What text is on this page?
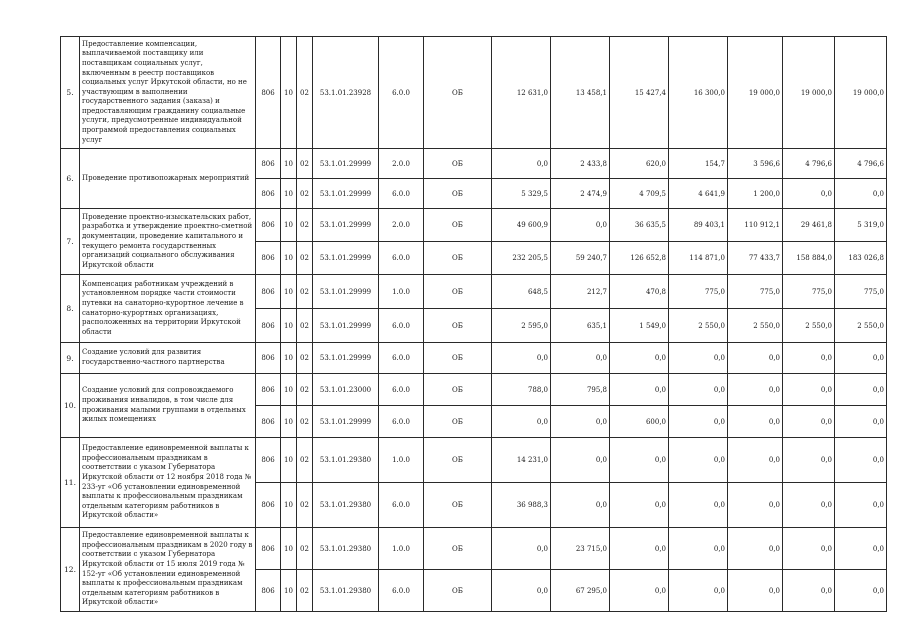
5.	Предоставление компенсации, выплачиваемой поставщику или поставщикам социальных услуг, включенным в реестр поставщиков социальных услуг Иркутской области, но не участвующим в выполнении государственного задания (заказа) и предоставляющим гражданину социальные услуги, предусмотренные индивидуальной программой предоставления социальных услуг	806	10	02	53.1.01.23928	6.0.0	ОБ	12 631,0	13 458,1	15 427,4	16 300,0	19 000,0	19 000,0	19 000,0
6.	Проведение противопожарных мероприятий	806	10	02	53.1.01.29999	2.0.0	ОБ	0,0	2 433,8	620,0	154,7	3 596,6	4 796,6	4 796,6
		806	10	02	53.1.01.29999	6.0.0	ОБ	5 329,5	2 474,9	4 709,5	4 641,9	1 200,0	0,0	0,0
7.	Проведение проектно-изыскательских работ, разработка и утверждение проектно-сметной документации, проведение капитального и текущего ремонта государственных организаций социального обслуживания Иркутской области	806	10	02	53.1.01.29999	2.0.0	ОБ	49 600,9	0,0	36 635,5	89 403,1	110 912,1	29 461,8	5 319,0
		806	10	02	53.1.01.29999	6.0.0	ОБ	232 205,5	59 240,7	126 652,8	114 871,0	77 433,7	158 884,0	183 026,8
8.	Компенсация работникам учреждений в установленном порядке части стоимости путевки на санаторно-курортное лечение в санаторно-курортных организациях, расположенных на территории Иркутской области	806	10	02	53.1.01.29999	1.0.0	ОБ	648,5	212,7	470,8	775,0	775,0	775,0	775,0
		806	10	02	53.1.01.29999	6.0.0	ОБ	2 595,0	635,1	1 549,0	2 550,0	2 550,0	2 550,0	2 550,0
9.	Создание условий для развития государственно-частного партнерства	806	10	02	53.1.01.29999	6.0.0	ОБ	0,0	0,0	0,0	0,0	0,0	0,0	0,0
10.	Создание условий для сопровождаемого проживания инвалидов, в том числе для проживания малыми группами в отдельных жилых помещениях	806	10	02	53.1.01.23000	6.0.0	ОБ	788,0	795,8	0,0	0,0	0,0	0,0	0,0
		806	10	02	53.1.01.29999	6.0.0	ОБ	0,0	0,0	600,0	0,0	0,0	0,0	0,0
11.	Предоставление единовременной выплаты к профессиональным праздникам в соответствии с указом Губернатора Иркутской области от 12 ноября 2018 года № 233-уг «Об установлении единовременной выплаты к профессиональным праздникам отдельным категориям работников в Иркутской области»	806	10	02	53.1.01.29380	1.0.0	ОБ	14 231,0	0,0	0,0	0,0	0,0	0,0	0,0
		806	10	02	53.1.01.29380	6.0.0	ОБ	36 988,3	0,0	0,0	0,0	0,0	0,0	0,0
12.	Предоставление единовременной выплаты к профессиональным праздникам в 2020 году в соответствии с указом Губернатора Иркутской области от 15 июля 2019 года № 152-уг «Об установлении единовременной выплаты к профессиональным праздникам отдельным категориям работников в Иркутской области»	806	10	02	53.1.01.29380	1.0.0	ОБ	0,0	23 715,0	0,0	0,0	0,0	0,0	0,0
		806	10	02	53.1.01.29380	6.0.0	ОБ	0,0	67 295,0	0,0	0,0	0,0	0,0	0,0
